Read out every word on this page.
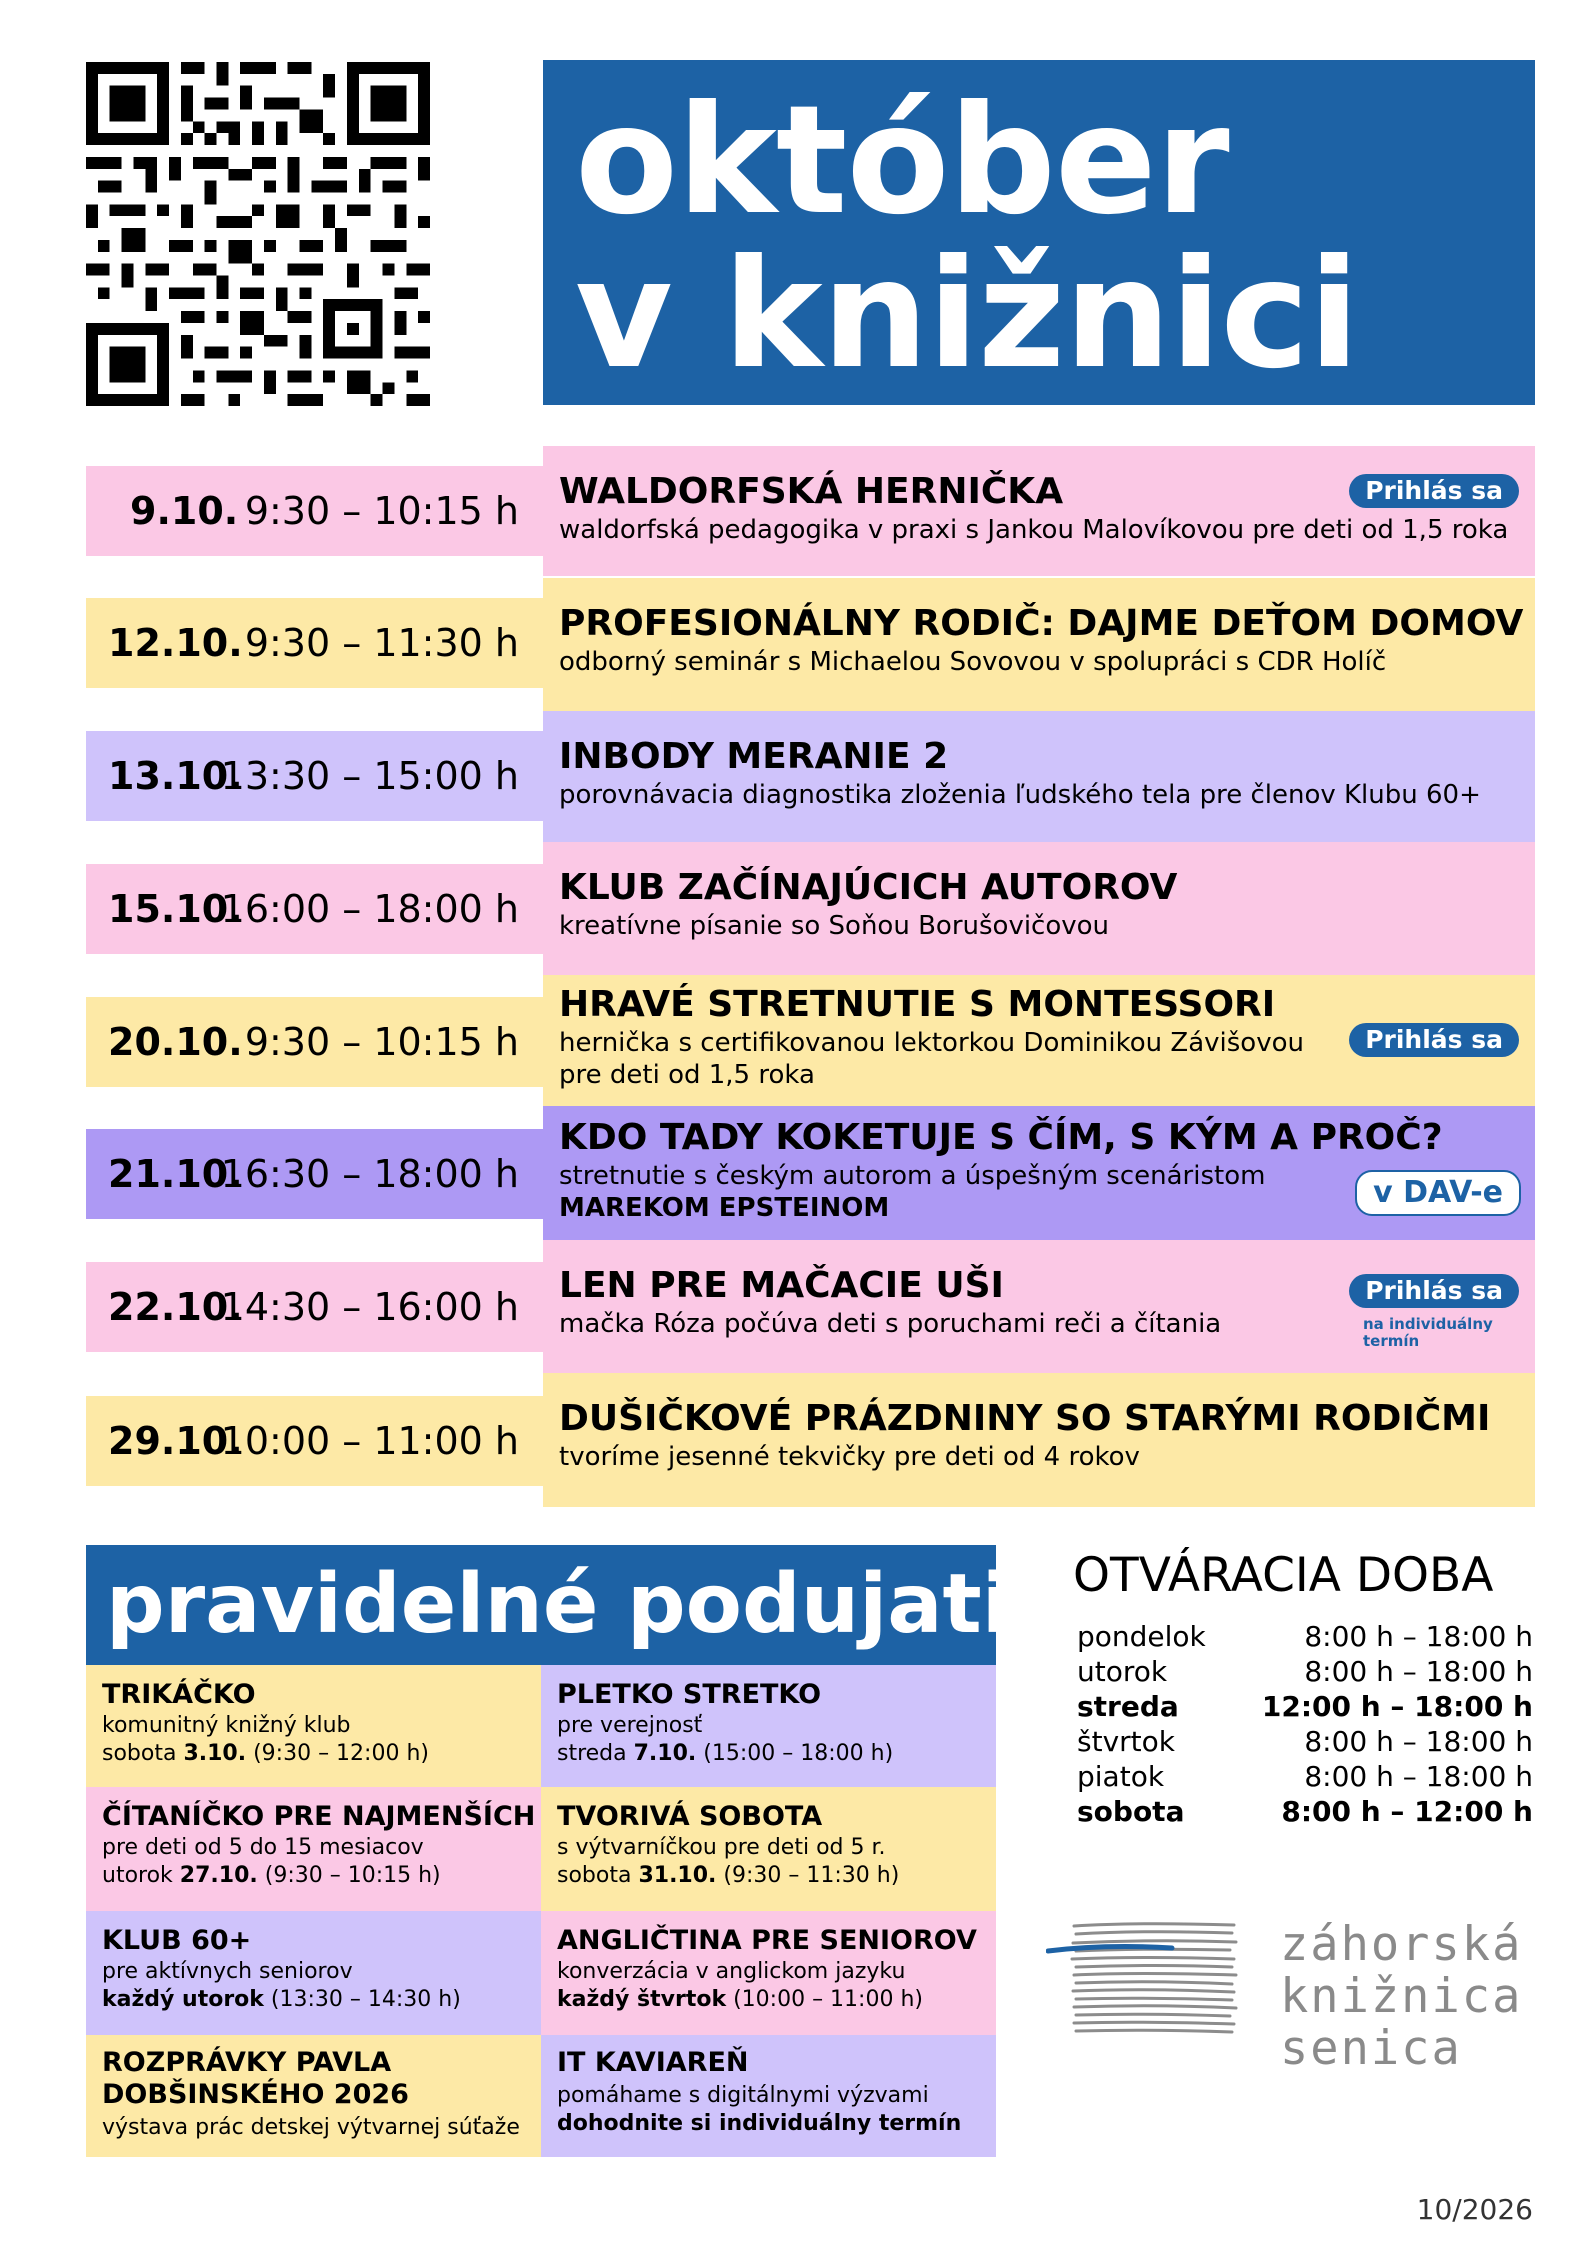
október
v knižnici
9.10. 9:30 – 10:15 h WALDORFSKÁ HERNIČKA
waldorfská pedagogika v praxi s Jankou Malovíkovou pre deti od 1,5 roka
Prihlás sa
12.10. 9:30 – 11:30 h PROFESIONÁLNY RODIČ: DAJME DEŤOM DOMOV
odborný seminár s Michaelou Sovovou v spolupráci s CDR Holíč
13.10.
13:30 – 15:00 h INBODY MERANIE 2
porovnávacia diagnostika zloženia ľudského tela pre členov Klubu 60+
15.10.
16:00 – 18:00 h KLUB ZAČÍNAJÚCICH AUTOROV
kreatívne písanie so Soňou Borušovičovou
20.10. 9:30 – 10:15 h
HRAVÉ STRETNUTIE S MONTESSORI
hernička s certifikovanou lektorkou Dominikou Závišovou
pre deti od 1,5 roka
Prihlás sa
21.10.
16:30 – 18:00 h
KDO TADY KOKETUJE S ČÍM, S KÝM A PROČ?
stretnutie s českým autorom a úspešným scenáristom
MAREKOM EPSTEINOM	v DAV-e
22.10.
14:30 – 16:00 h LEN PRE MAČACIE UŠI
mačka Róza počúva deti s poruchami reči a čítania
Prihlás sa
na individuálny termín
29.10.
10:00 – 11:00 h
DUŠIČKOVÉ PRÁZDNINY SO STARÝMI RODIČMI
tvoríme jesenné tekvičky pre deti od 4 rokov
pravidelné podujatia
TRIKÁČKO
komunitný knižný klub
sobota 3.10. (9:30 – 12:00 h)
PLETKO STRETKO
pre verejnosť
streda 7.10. (15:00 – 18:00 h)
ČÍTANÍČKO PRE NAJMENŠÍCH
pre deti od 5 do 15 mesiacov
utorok 27.10. (9:30 – 10:15 h)
TVORIVÁ SOBOTA
s výtvarníčkou pre deti od 5 r.
sobota 31.10. (9:30 – 11:30 h)
KLUB 60+
pre aktívnych seniorov
každý utorok (13:30 – 14:30 h)
ANGLIČTINA PRE SENIOROV
konverzácia v anglickom jazyku
každý štvrtok (10:00 – 11:00 h)
ROZPRÁVKY PAVLA
DOBŠINSKÉHO 2026
výstava prác detskej výtvarnej súťaže
IT KAVIAREŇ
pomáhame s digitálnymi výzvami
dohodnite si individuálny termín
OTVÁRACIA DOBA
pondelok	8:00 h – 18:00 h
utorok	8:00 h – 18:00 h
streda	12:00 h – 18:00 h
štvrtok	8:00 h – 18:00 h
piatok	8:00 h – 18:00 h
sobota	8:00 h – 12:00 h
záhorská
knižnica
senica
10/2026
